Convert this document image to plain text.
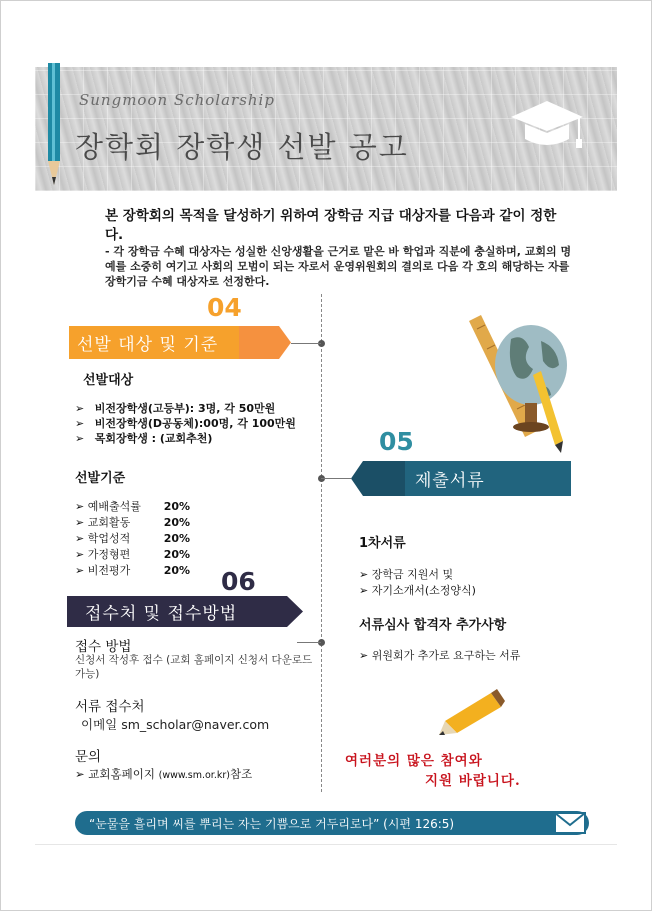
Sungmoon Scholarship
장학회 장학생 선발 공고
본 장학회의 목적을 달성하기 위하여 장학금 지급 대상자를 다음과 같이 정한다.
- 각 장학금 수혜 대상자는 성실한 신앙생활을 근거로 맡은 바 학업과 직분에 충실하며, 교회의 명예를 소중히 여기고 사회의 모범이 되는 자로서 운영위원회의 결의로 다음 각 호의 해당하는 자를 장학기금 수혜 대상자로 선정한다.
04
선발 대상 및 기준
선발대상
➢ 비전장학생(고등부): 3명, 각 50만원
➢ 비전장학생(D공동체):00명, 각 100만원
➢ 목회장학생 : (교회추천)
선발기준
➢ 예배출석률 20%
➢ 교회활동	20%
➢ 학업성적	20%
➢ 가정형편	20%
➢ 비전평가	20%
05
제출서류
1차서류
➢ 장학금 지원서 및
➢ 자기소개서(소정양식)
서류심사 합격자 추가사항
➢ 위원회가 추가로 요구하는 서류
06
접수처 및 접수방법
접수 방법
신청서 작성후 접수 (교회 홈페이지 신청서 다운로드 가능)
서류 접수처
이메일 sm_scholar@naver.com
문의
➢ 교회홈페이지 (www.sm.or.kr)참조
여러분의 많은 참여와
지원 바랍니다.
“눈물을 흘리며 씨를 뿌리는 자는 기쁨으로 거두리로다” (시편 126:5)
